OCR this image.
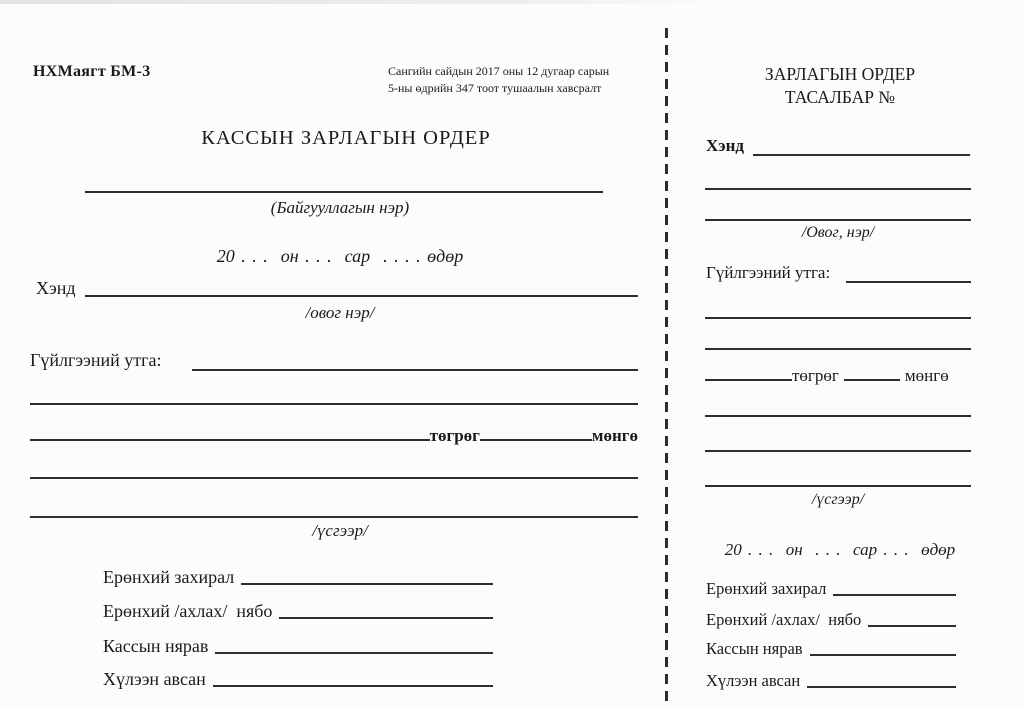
НХМаягт БМ-3	Сангийн сайдын 2017 оны 12 дугаар сарын
5-ны өдрийн 347 тоот тушаалын хавсралт
КАССЫН ЗАРЛАГЫН ОРДЕР
(Байгууллагын нэр)
20 . . .  он . . .  сар  . . . . өдөр
Хэнд
/овог нэр/
Гүйлгээний утга:
төгрөг	мөнгө
/үсгээр/
Ерөнхий захирал
Ерөнхий /ахлах/  нябо
Кассын нярав
Хүлээн авсан
ЗАРЛАГЫН ОРДЕР
ТАСАЛБАР №
Хэнд
/Овог, нэр/
Гүйлгээний утга:
төгрөг	мөнгө
/үсгээр/
20 . . .  он  . . .  сар . . .  өдөр
Ерөнхий захирал
Ерөнхий /ахлах/  нябо
Кассын нярав
Хүлээн авсан
